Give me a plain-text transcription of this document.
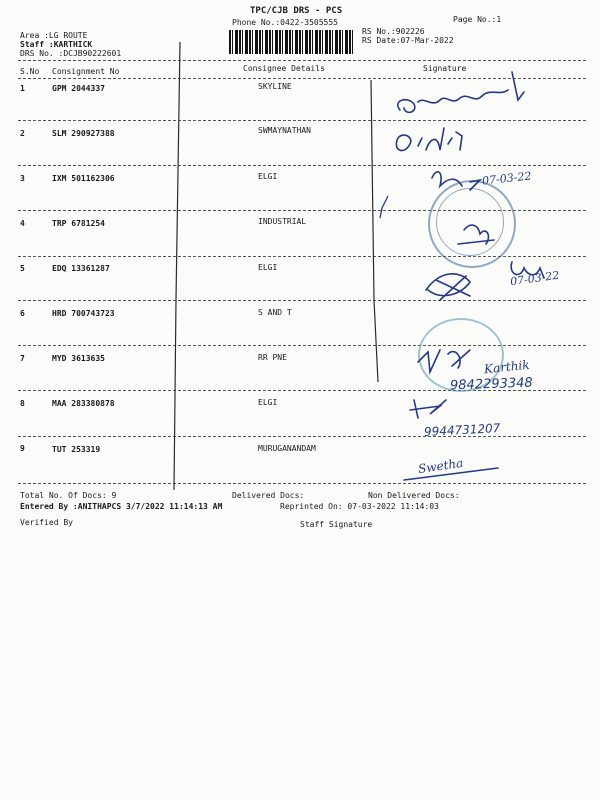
TPC/CJB DRS - PCS
Phone No.:0422-3505555	Page No.:1
Area :LG ROUTE
Staff :KARTHICK
DRS No. :DCJB90222601
RS No.:902226
RS Date:07-Mar-2022
S.No Consignment No	Consignee Details	Signature
1	GPM 2044337	SKYLINE
2	SLM 290927388	SWMAYNATHAN
3	IXM 501162306	ELGI
4	TRP 6781254	INDUSTRIAL
5	EDQ 13361287	ELGI
6	HRD 700743723	S AND T
7	MYD 3613635	RR PNE
8	MAA 283380878	ELGI
9	TUT 253319	MURUGANANDAM
07-03-22
07-03-22
Karthik
9842293348
9944731207
Swetha
Total No. Of Docs: 9	Delivered Docs:	Non Delivered Docs:
Entered By :ANITHAPCS 3/7/2022 11:14:13 AM	Reprinted On: 07-03-2022 11:14:03
Verified By	Staff Signature
